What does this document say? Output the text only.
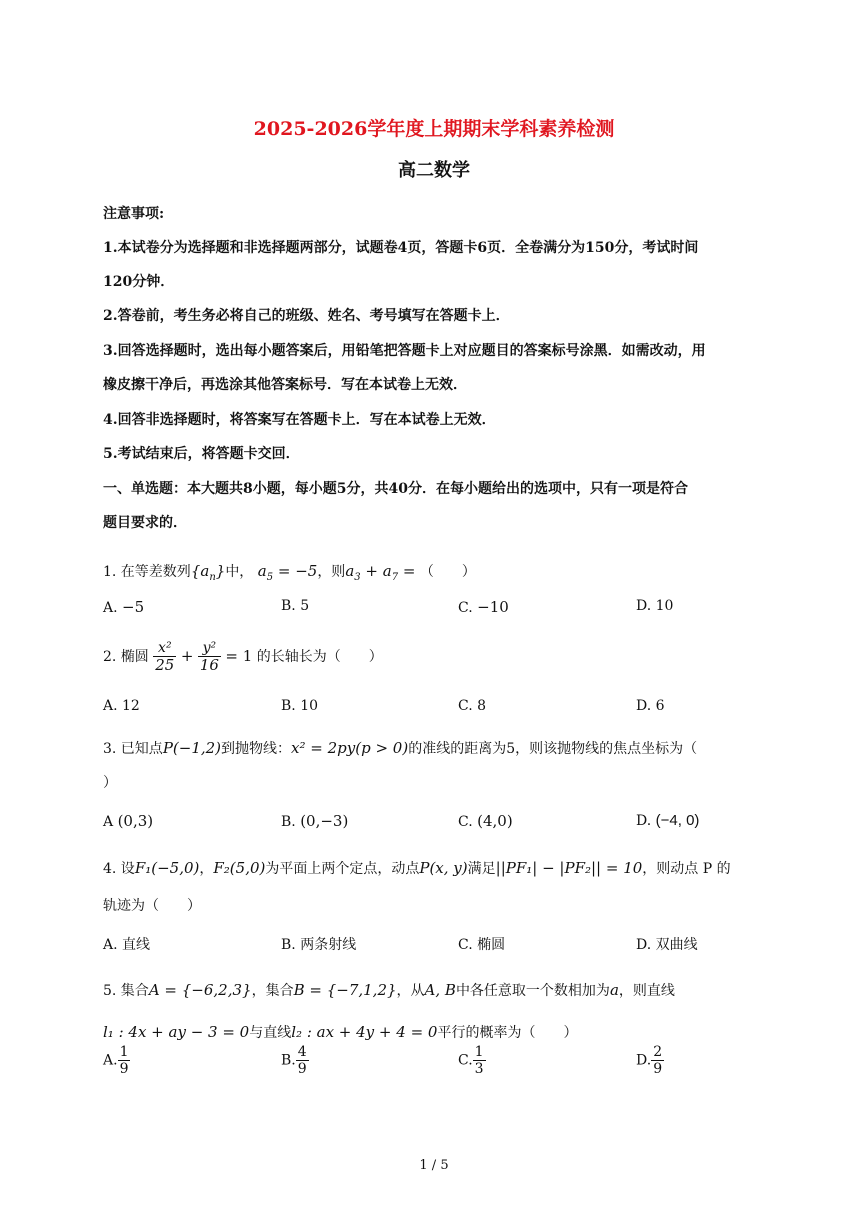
2025-2026学年度上期期末学科素养检测
高二数学
注意事项:
1.本试卷分为选择题和非选择题两部分，试题卷4页，答题卡6页．全卷满分为150分，考试时间
120分钟．
2.答卷前，考生务必将自己的班级、姓名、考号填写在答题卡上．
3.回答选择题时，选出每小题答案后，用铅笔把答题卡上对应题目的答案标号涂黑．如需改动，用
橡皮擦干净后，再选涂其他答案标号．写在本试卷上无效．
4.回答非选择题时，将答案写在答题卡上．写在本试卷上无效．
5.考试结束后，将答题卡交回．
一、单选题：本大题共8小题，每小题5分，共40分．在每小题给出的选项中，只有一项是符合
题目要求的．
1. 在等差数列$\{a_n\}$中， $a_5 = -5$，则$a_3 + a_7$ = （　　）
A. −5	B. 5	C. −10	D. 10
2. 椭圆 $\frac{\text{x²}}{25} + \frac{\text{y²}}{16} = 1$ 的长轴长为（　　）
A. 12	B. 10	C. 8	D. 6
3. 已知点P(−1,2)到抛物线：x² = 2py(p > 0)的准线的距离为5，则该抛物线的焦点坐标为（
）
A (0,3)	B. (0,−3)	C. (4,0)	D. (−4, 0)
4. 设F₁(−5,0)，F₂(5,0)为平面上两个定点，动点P(x, y)满足||PF₁| − |PF₂|| = 10，则动点 P 的
轨迹为（　　）
A. 直线	B. 两条射线	C. 椭圆	D. 双曲线
5. 集合A = {−6,2,3}，集合B = {−7,1,2}，从A, B中各任意取一个数相加为a，则直线
l₁ : 4x + ay − 3 = 0与直线l₂ : ax + 4y + 4 = 0平行的概率为（　　）
A. $\frac{1}{9}$	B. $\frac{4}{9}$	C. $\frac{1}{3}$	D. $\frac{2}{9}$
1 / 5
